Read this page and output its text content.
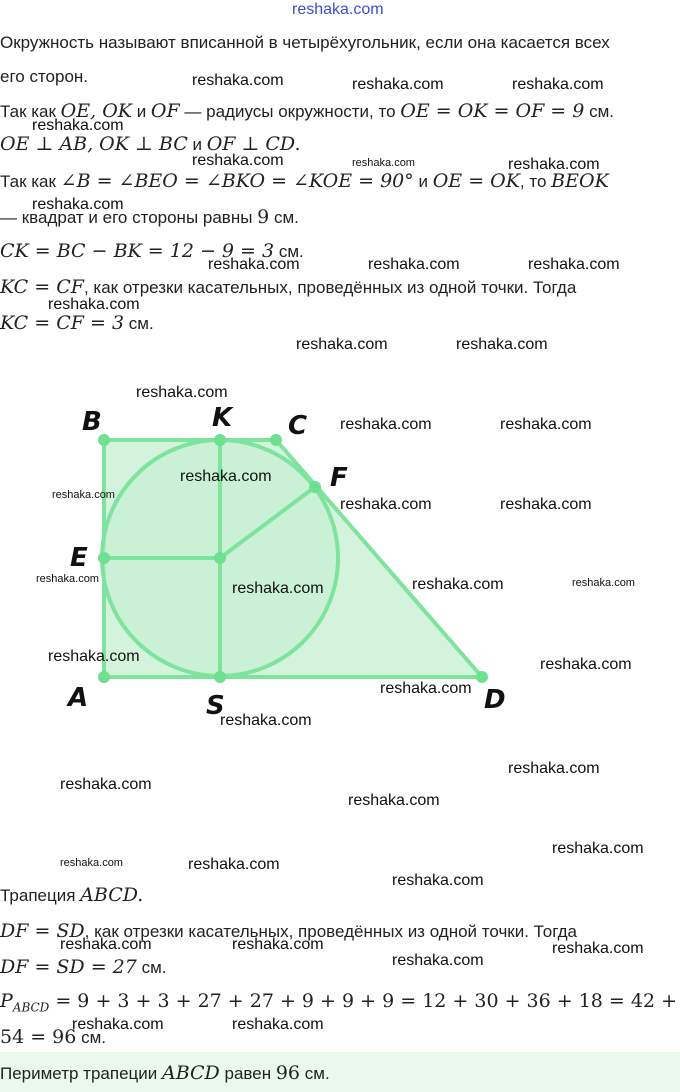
reshaka.com
Окружность называют вписанной в четырёхугольник, если она касается всех
его сторон.
Так как OE, OK и OF — радиусы окружности, то OE = OK = OF = 9 см.
OE ⊥ AB, OK ⊥ BC и OF ⊥ CD.
Так как ∠B = ∠BEO = ∠BKO = ∠KOE = 90° и OE = OK, то BEOK
— квадрат и его стороны равны 9 см.
CK = BC − BK = 12 − 9 = 3 см.
KC = CF, как отрезки касательных, проведённых из одной точки. Тогда
KC = CF = 3 см.
B	K C
F
E
A	S	D
Трапеция ABCD.
DF = SD, как отрезки касательных, проведённых из одной точки. Тогда
DF = SD = 27 см.
$P_{ABCD} = 9 + 3 + 3 + 27 + 27 + 9 + 9 + 9 = 12 + 30 + 36 + 18 = 42$ +
54 = 96 см.
Периметр трапеции ABCD равен 96 см.
reshaka.com	reshaka.com	reshaka.com
reshaka.com
reshaka.com	reshaka.com	reshaka.com
reshaka.com
reshaka.com	reshaka.com	reshaka.com
reshaka.com
reshaka.com	reshaka.com
reshaka.com
reshaka.com	reshaka.com
reshaka.com
reshaka.com
reshaka.com	reshaka.com
reshaka.com
reshaka.com	reshaka.com	reshaka.com
reshaka.com	reshaka.com
reshaka.com
reshaka.com
reshaka.com
reshaka.com
reshaka.com
reshaka.com
reshaka.com	reshaka.com
reshaka.com
reshaka.com	reshaka.com	reshaka.com
reshaka.com
reshaka.com	reshaka.com
